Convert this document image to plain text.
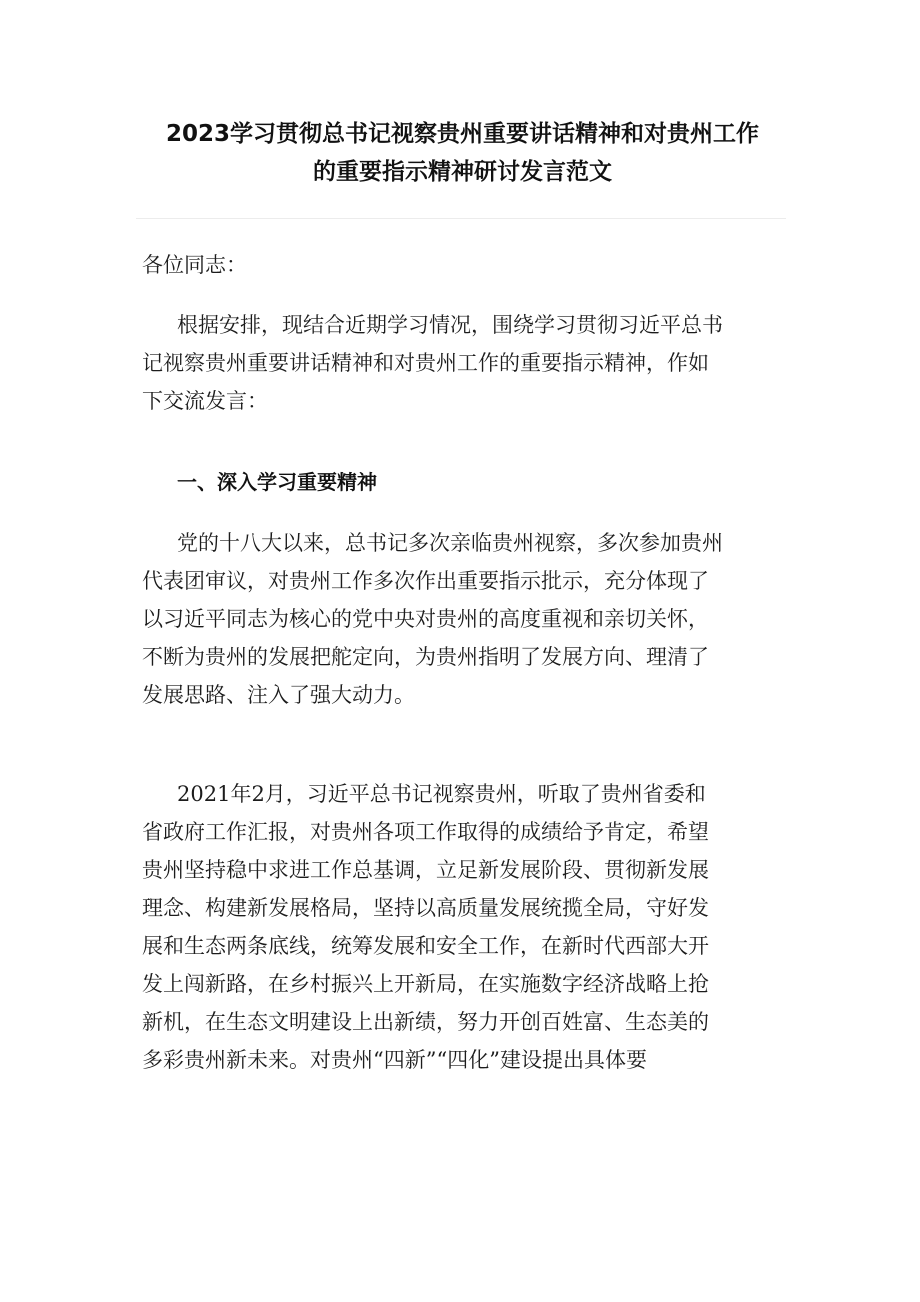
2023学习贯彻总书记视察贵州重要讲话精神和对贵州工作
的重要指示精神研讨发言范文
各位同志：
根据安排，现结合近期学习情况，围绕学习贯彻习近平总书
记视察贵州重要讲话精神和对贵州工作的重要指示精神，作如
下交流发言：
一、深入学习重要精神
党的十八大以来，总书记多次亲临贵州视察，多次参加贵州
代表团审议，对贵州工作多次作出重要指示批示，充分体现了
以习近平同志为核心的党中央对贵州的高度重视和亲切关怀，
不断为贵州的发展把舵定向，为贵州指明了发展方向、理清了
发展思路、注入了强大动力。
2021年2月，习近平总书记视察贵州，听取了贵州省委和
省政府工作汇报，对贵州各项工作取得的成绩给予肯定，希望
贵州坚持稳中求进工作总基调，立足新发展阶段、贯彻新发展
理念、构建新发展格局，坚持以高质量发展统揽全局，守好发
展和生态两条底线，统筹发展和安全工作，在新时代西部大开
发上闯新路，在乡村振兴上开新局，在实施数字经济战略上抢
新机，在生态文明建设上出新绩，努力开创百姓富、生态美的
多彩贵州新未来。对贵州“四新”“四化”建设提出具体要
